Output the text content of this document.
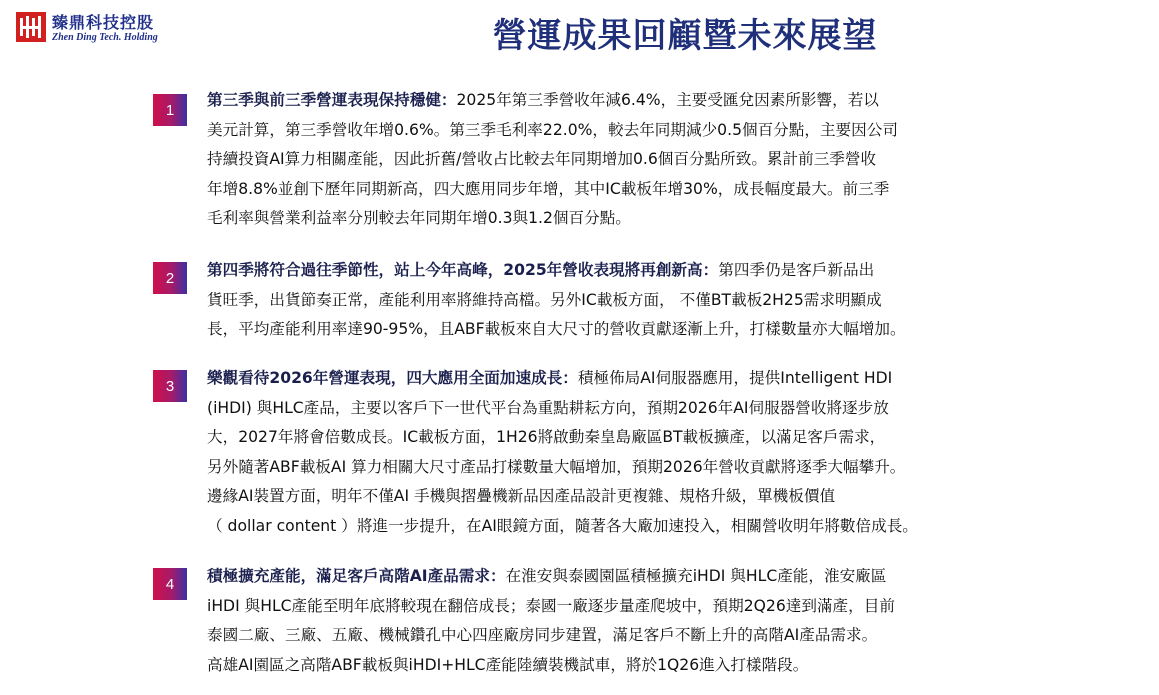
臻鼎科技控股
Zhen Ding Tech. Holding	營運成果回顧暨未來展望
1
第三季與前三季營運表現保持穩健：2025年第三季營收年減6.4%，主要受匯兌因素所影響，若以
美元計算，第三季營收年增0.6%。第三季毛利率22.0%，較去年同期減少0.5個百分點，主要因公司
持續投資AI算力相關產能，因此折舊/營收占比較去年同期增加0.6個百分點所致。累計前三季營收
年增8.8%並創下歷年同期新高，四大應用同步年增，其中IC載板年增30%，成長幅度最大。前三季
毛利率與營業利益率分別較去年同期年增0.3與1.2個百分點。
2	第四季將符合過往季節性，站上今年高峰，2025年營收表現將再創新高：第四季仍是客戶新品出
貨旺季，出貨節奏正常，產能利用率將維持高檔。另外IC載板方面， 不僅BT載板2H25需求明顯成
長，平均產能利用率達90-95%，且ABF載板來自大尺寸的營收貢獻逐漸上升，打樣數量亦大幅增加。
3	樂觀看待2026年營運表現，四大應用全面加速成長：積極佈局AI伺服器應用，提供Intelligent HDI
(iHDI) 與HLC產品，主要以客戶下一世代平台為重點耕耘方向，預期2026年AI伺服器營收將逐步放
大，2027年將會倍數成長。IC載板方面，1H26將啟動秦皇島廠區BT載板擴產，以滿足客戶需求，
另外隨著ABF載板AI 算力相關大尺寸產品打樣數量大幅增加，預期2026年營收貢獻將逐季大幅攀升。
邊緣AI裝置方面，明年不僅AI 手機與摺疊機新品因產品設計更複雜、規格升級，單機板價值
（ dollar content ）將進一步提升，在AI眼鏡方面，隨著各大廠加速投入，相關營收明年將數倍成長。
4	積極擴充產能，滿足客戶高階AI產品需求：在淮安與泰國園區積極擴充iHDI 與HLC產能，淮安廠區
iHDI 與HLC產能至明年底將較現在翻倍成長；泰國一廠逐步量產爬坡中，預期2Q26達到滿產，目前
泰國二廠、三廠、五廠、機械鑽孔中心四座廠房同步建置，滿足客戶不斷上升的高階AI產品需求。
高雄AI園區之高階ABF載板與iHDI+HLC產能陸續裝機試車，將於1Q26進入打樣階段。
